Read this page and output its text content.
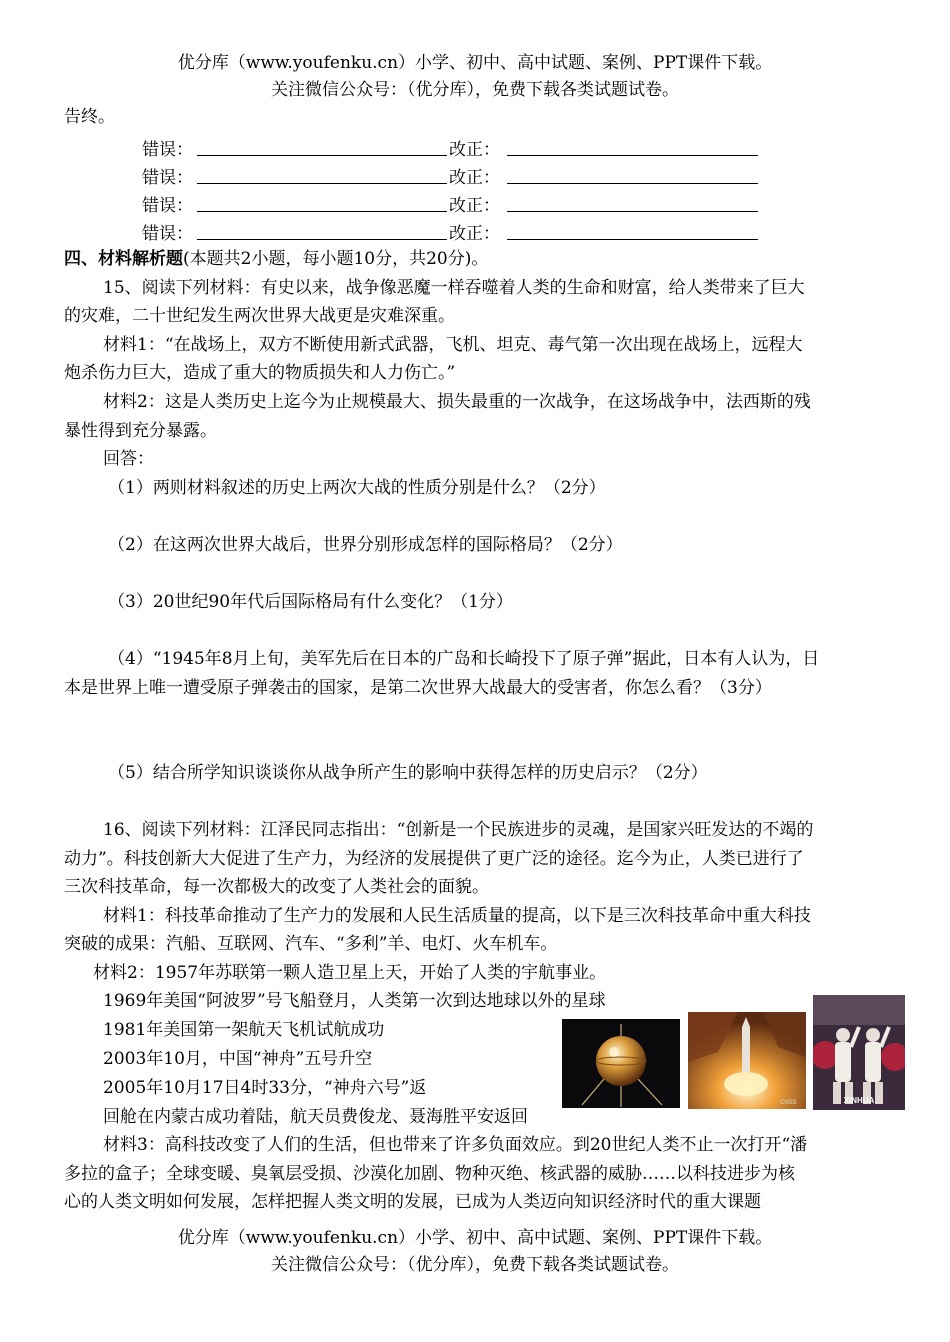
优分库（www.youfenku.cn）小学、初中、高中试题、案例、PPT课件下载。
关注微信公众号：（优分库），免费下载各类试题试卷。
告终。
错误：	改正：
错误：	改正：
错误：	改正：
错误：	改正：
四、材料解析题(本题共2小题，每小题10分，共20分)。
15、阅读下列材料：有史以来，战争像恶魔一样吞噬着人类的生命和财富，给人类带来了巨大
的灾难，二十世纪发生两次世界大战更是灾难深重。
材料1：“在战场上，双方不断使用新式武器，飞机、坦克、毒气第一次出现在战场上，远程大
炮杀伤力巨大，造成了重大的物质损失和人力伤亡。”
材料2：这是人类历史上迄今为止规模最大、损失最重的一次战争，在这场战争中，法西斯的残
暴性得到充分暴露。
回答：
（1）两则材料叙述的历史上两次大战的性质分别是什么？（2分）
（2）在这两次世界大战后，世界分别形成怎样的国际格局？（2分）
（3）20世纪90年代后国际格局有什么变化？（1分）
（4）“1945年8月上旬，美军先后在日本的广岛和长崎投下了原子弹”据此，日本有人认为，日
本是世界上唯一遭受原子弹袭击的国家，是第二次世界大战最大的受害者，你怎么看？（3分）
（5）结合所学知识谈谈你从战争所产生的影响中获得怎样的历史启示？（2分）
16、阅读下列材料：江泽民同志指出：“创新是一个民族进步的灵魂，是国家兴旺发达的不竭的
动力”。科技创新大大促进了生产力，为经济的发展提供了更广泛的途径。迄今为止，人类已进行了
三次科技革命，每一次都极大的改变了人类社会的面貌。
材料1：科技革命推动了生产力的发展和人民生活质量的提高，以下是三次科技革命中重大科技
突破的成果：汽船、互联网、汽车、“多利”羊、电灯、火车机车。
材料2：1957年苏联第一颗人造卫星上天，开始了人类的宇航事业。
1969年美国“阿波罗”号飞船登月，人类第一次到达地球以外的星球
1981年美国第一架航天飞机试航成功
2003年10月，中国“神舟”五号升空
2005年10月17日4时33分，“神舟六号”返
回舱在内蒙古成功着陆，航天员费俊龙、聂海胜平安返回
材料3：高科技改变了人们的生活，但也带来了许多负面效应。到20世纪人类不止一次打开“潘
多拉的盒子；全球变暖、臭氧层受损、沙漠化加剧、物种灭绝、核武器的威胁……以科技进步为核
心的人类文明如何发展，怎样把握人类文明的发展，已成为人类迈向知识经济时代的重大课题
CNSS	XINHUA
优分库（www.youfenku.cn）小学、初中、高中试题、案例、PPT课件下载。
关注微信公众号：（优分库），免费下载各类试题试卷。
